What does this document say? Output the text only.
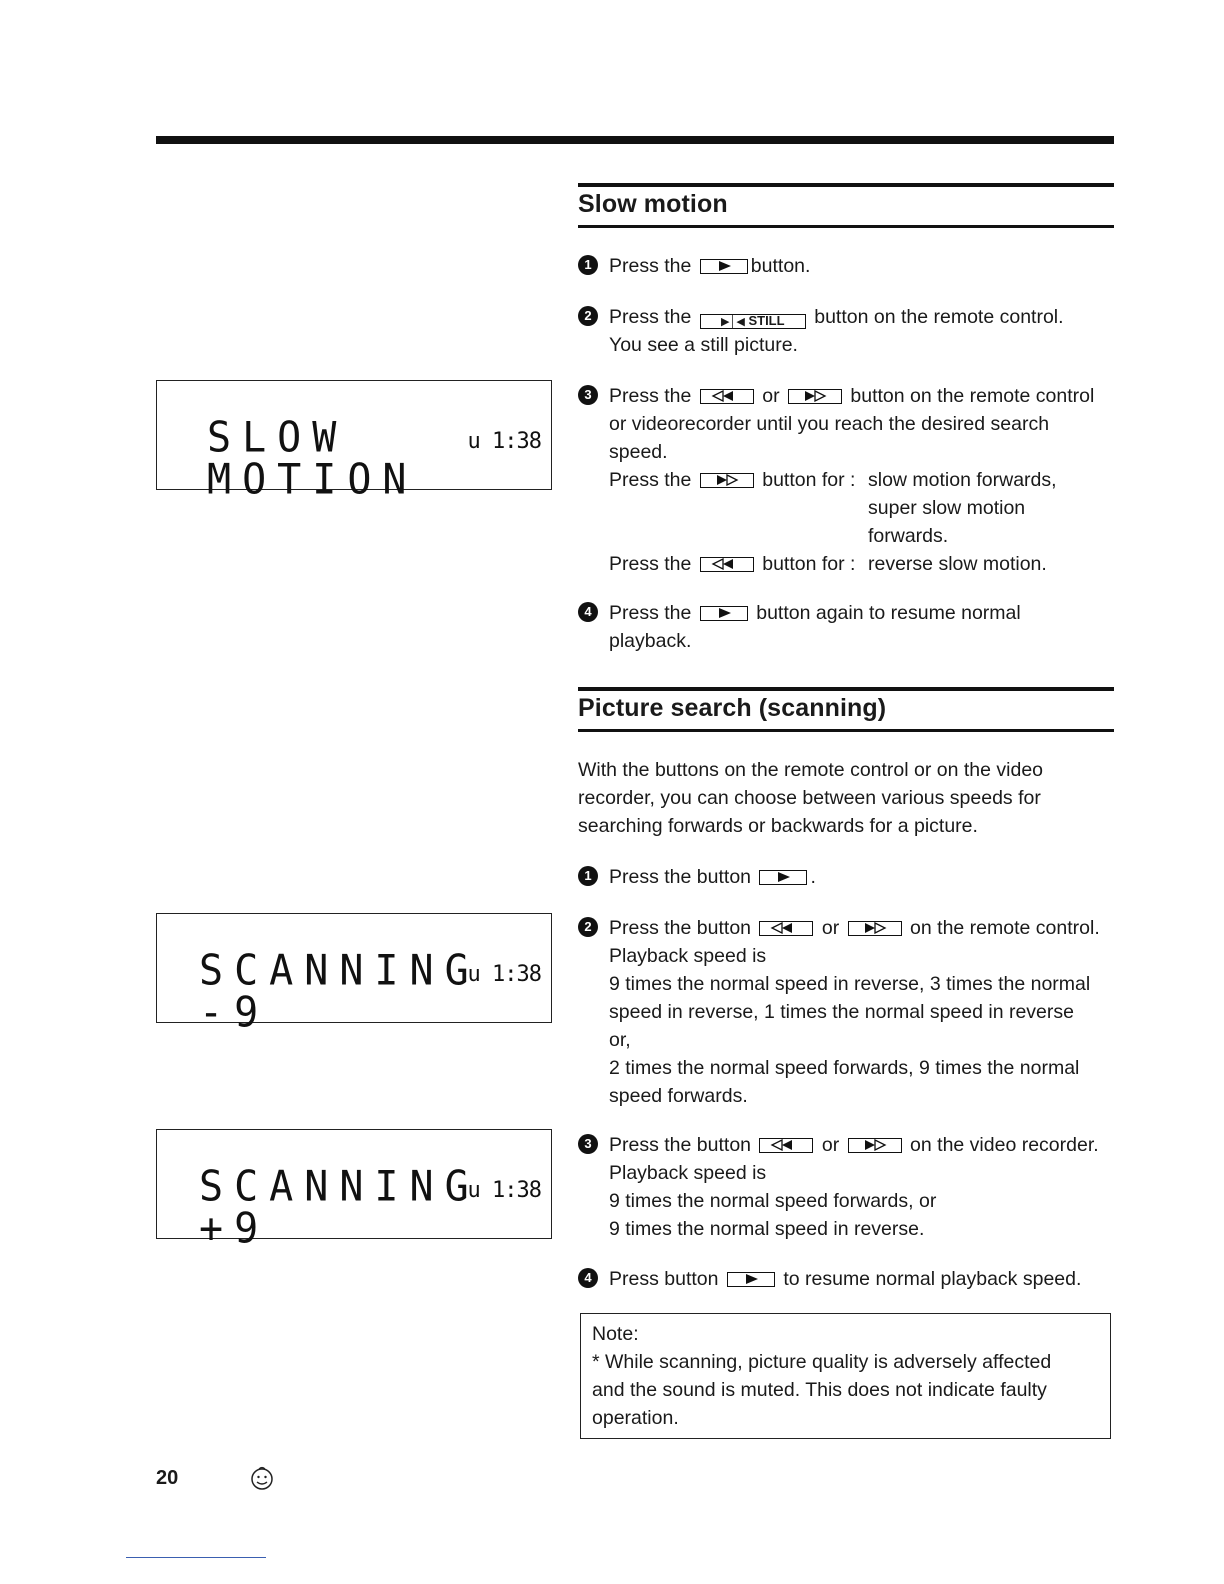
Slow motion
1 Press the	button.

2 Press the	▶│◀ STILL button on the remote control.

You see a still picture.

3 Press the	or	button on the remote control

or videorecorder until you reach the desired search

speed.

Press the	button for : slow motion forwards,
super slow motion
forwards.
Press the	button for : reverse slow motion.
4 Press the	button again to resume normal

playback.

Picture search (scanning)

With the buttons on the remote control or on the video

recorder, you can choose between various speeds for

searching forwards or backwards for a picture.

1 Press the button	.

2 Press the button	or	on the remote control.

Playback speed is

9 times the normal speed in reverse, 3 times the normal

speed in reverse, 1 times the normal speed in reverse

or,

2 times the normal speed forwards, 9 times the normal

speed forwards.

3 Press the button	or	on the video recorder.

Playback speed is

9 times the normal speed forwards, or

9 times the normal speed in reverse.

4 Press button	to resume normal playback speed.

Note:

* While scanning, picture quality is adversely affected

and the sound is muted. This does not indicate faulty

operation.

SLOW MOTION
u 1:38
SCANNING -9
u 1:38
SCANNING +9
u 1:38
20
